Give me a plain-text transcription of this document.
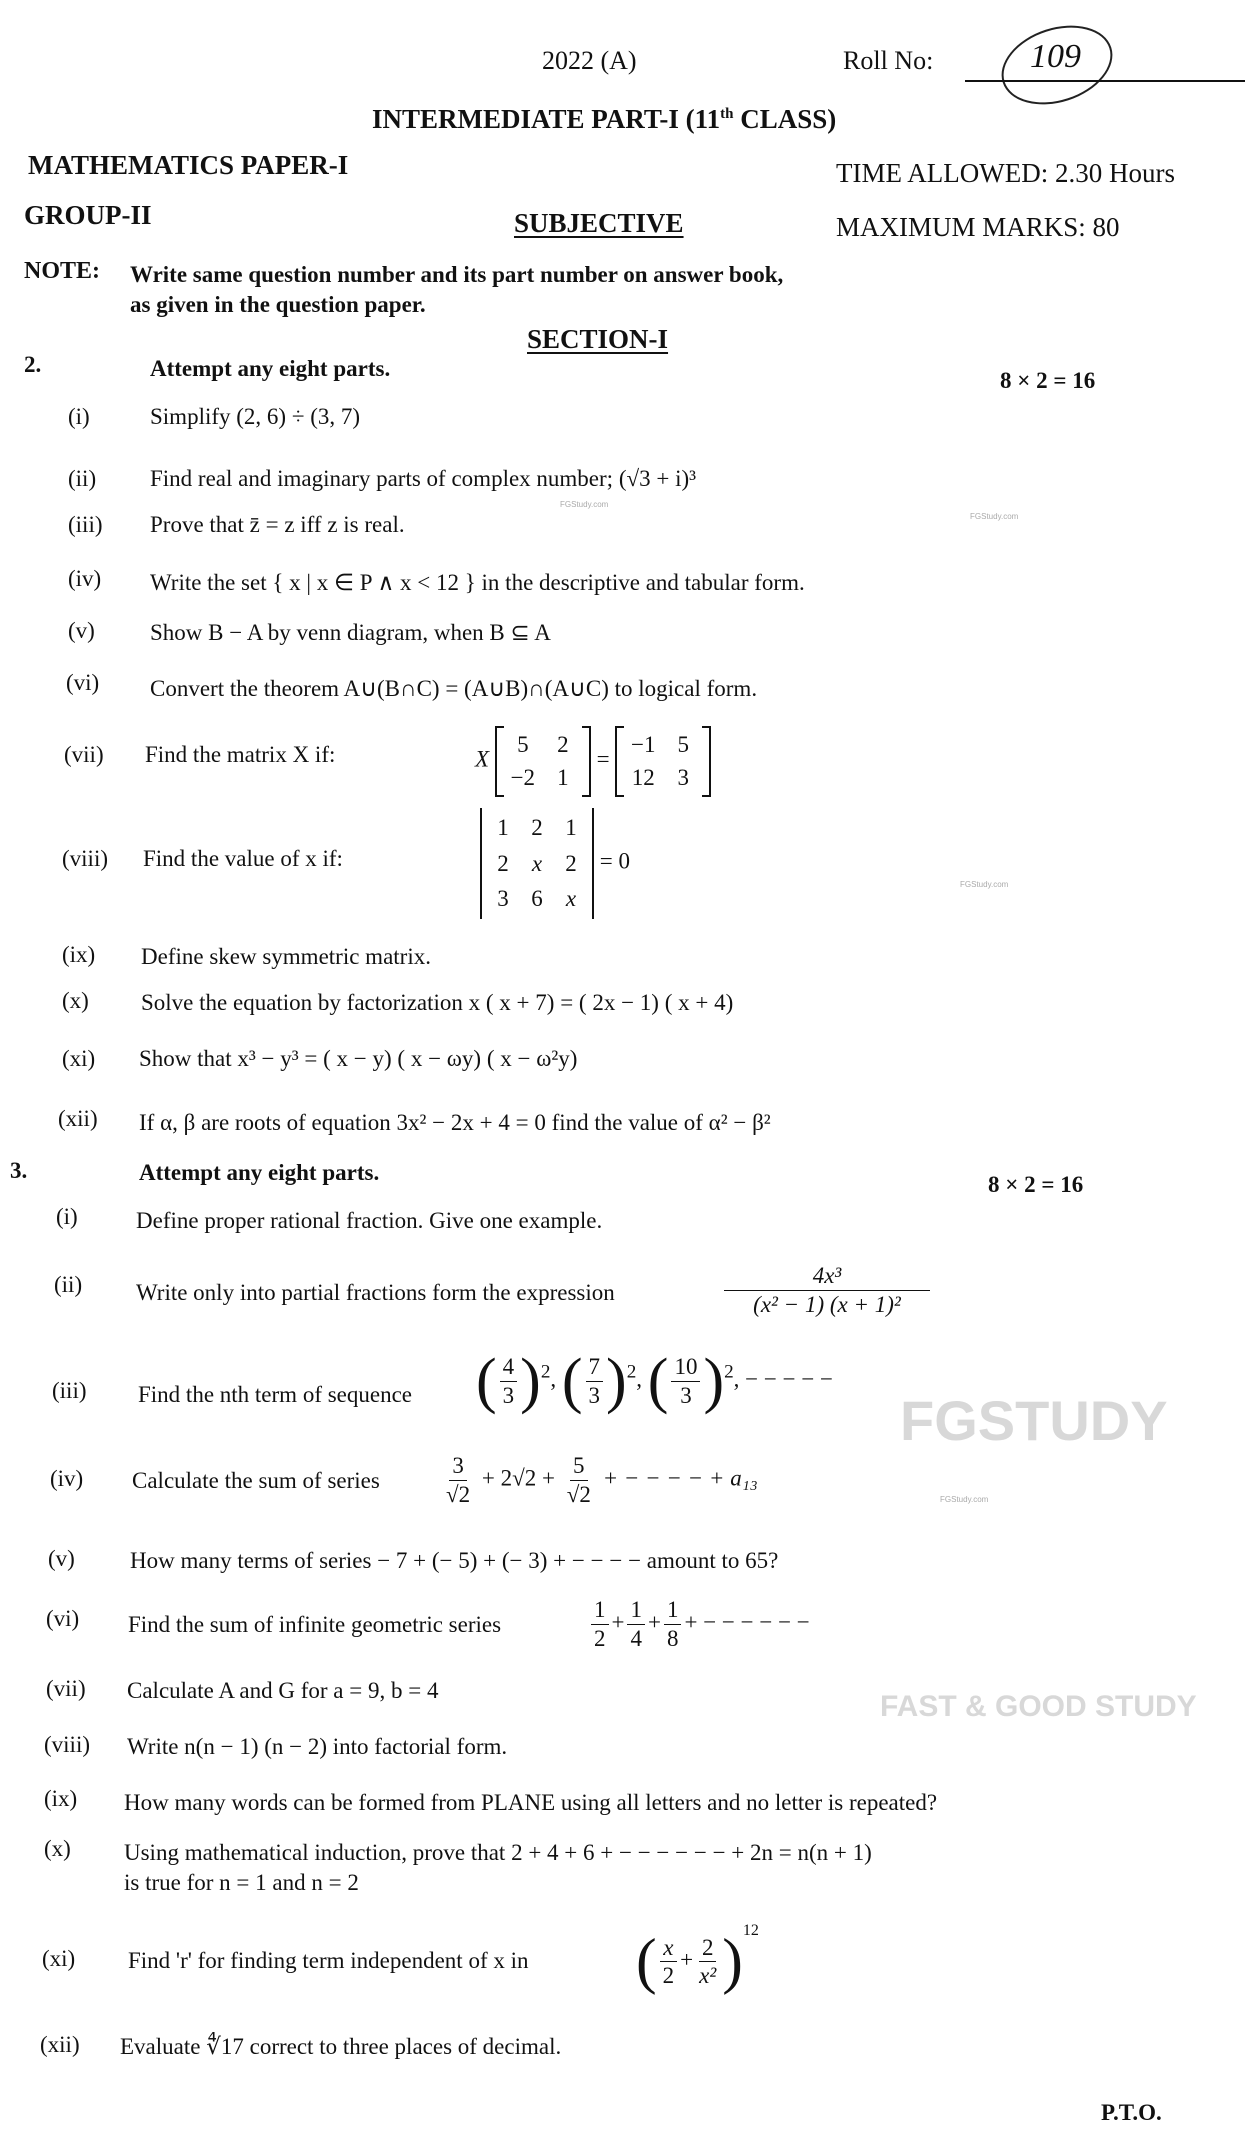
FGSTUDY
FAST & GOOD STUDY
FGStudy.com
FGStudy.com
FGStudy.com
FGStudy.com
2022 (A)	Roll No:	109
INTERMEDIATE PART-I (11th CLASS)
MATHEMATICS PAPER-I	TIME ALLOWED: 2.30 Hours
GROUP-II	SUBJECTIVE	MAXIMUM MARKS: 80
NOTE: Write same question number and its part number on answer book,
as given in the question paper.
SECTION-I
2.	Attempt any eight parts.	8 × 2 = 16
(i)	Simplify (2, 6) ÷ (3, 7)
(ii) Find real and imaginary parts of complex number; (√3 + i)³
(iii) Prove that z̄̄ = z iff z is real.
(iv) Write the set { x | x ∈ P ∧ x < 12 } in the descriptive and tabular form.
(v) Show B − A by venn diagram, when B ⊆ A
(vi) Convert the theorem A∪(B∩C) = (A∪B)∩(A∪C) to logical form.
(vii) Find the matrix X if:	X
5	2
−2 1
=
−1 5
12 3
(viii) Find the value of x if:
1 2 1
2	x	2
3 6	x
= 0
(ix) Define skew symmetric matrix.
(x) Solve the equation by factorization x ( x + 7) = ( 2x − 1) ( x + 4)
(xi) Show that x³ − y³ = ( x − y) ( x − ωy) ( x − ω²y)
(xii) If α, β are roots of equation 3x² − 2x + 4 = 0 find the value of α² − β²
3.	Attempt any eight parts.	8 × 2 = 16
(i)	Define proper rational fraction. Give one example.
(ii) Write only into partial fractions form the expression	$\frac{\text{4x³}}{\text{(x² − 1) (x + 1)²}}$
(iii) Find the nth term of sequence ( $\frac{4}{3} )^2$, ( $\frac{7}{3} )^2$, ( $\frac{10}{3} )^2$, − − − − −
(iv) Calculate the sum of series	$\frac{3}{√2} + 2√2 + \frac{5}{√2}$ + − − − − + a₁₃
(v) How many terms of series − 7 + (− 5) + (− 3) + − − − − amount to 65?
(vi) Find the sum of infinite geometric series	$\frac{1}{2} + \frac{1}{4} + \frac{1}{8}$ + − − − − − −
(vii) Calculate A and G for a = 9, b = 4
(viii) Write n(n − 1) (n − 2) into factorial form.
(ix) How many words can be formed from PLANE using all letters and no letter is repeated?
(x) Using mathematical induction, prove that 2 + 4 + 6 + − − − − − − + 2n = n(n + 1)
is true for n = 1 and n = 2
(xi) Find 'r' for finding term independent of x in ( $\frac{x}{2} + \frac{2}{\text{x²}} )^{12}$
(xii) Evaluate ∜17 correct to three places of decimal.
P.T.O.
